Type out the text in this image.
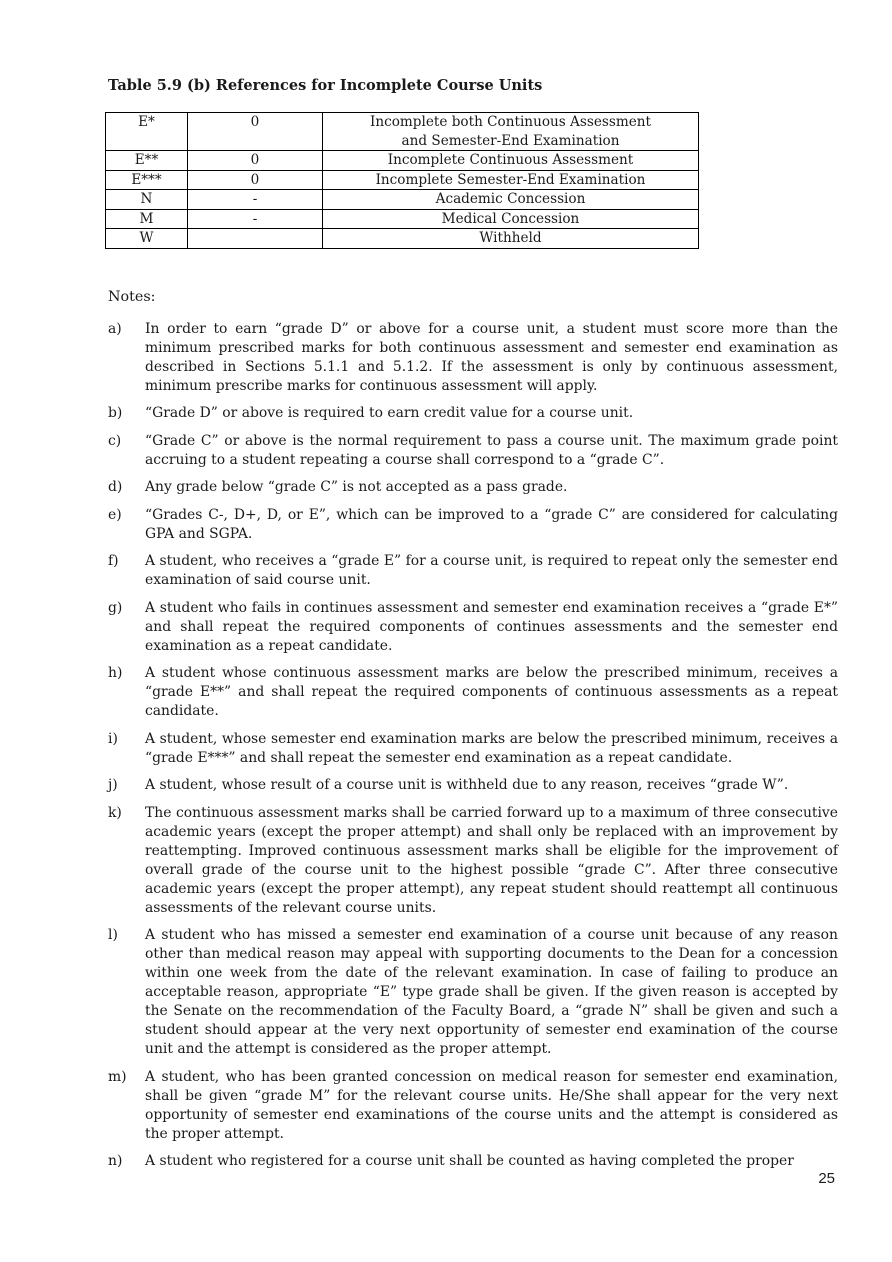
Table 5.9 (b) References for Incomplete Course Units
E*	0	Incomplete both Continuous Assessment and Semester-End Examination
E**	0	Incomplete Continuous Assessment
E***	0	Incomplete Semester-End Examination
N	-	Academic Concession
M	-	Medical Concession
W		Withheld
Notes:
a) In order to earn “grade D” or above for a course unit, a student must score more than the minimum prescribed marks for both continuous assessment and semester end examination as described in Sections 5.1.1 and 5.1.2. If the assessment is only by continuous assessment, minimum prescribe marks for continuous assessment will apply.
b) “Grade D” or above is required to earn credit value for a course unit.
c) “Grade C” or above is the normal requirement to pass a course unit. The maximum grade point accruing to a student repeating a course shall correspond to a “grade C”.
d) Any grade below “grade C” is not accepted as a pass grade.
e) “Grades C-, D+, D, or E”, which can be improved to a “grade C” are considered for calculating GPA and SGPA.
f) A student, who receives a “grade E” for a course unit, is required to repeat only the semester end examination of said course unit.
g) A student who fails in continues assessment and semester end examination receives a “grade E*” and shall repeat the required components of continues assessments and the semester end examination as a repeat candidate.
h) A student whose continuous assessment marks are below the prescribed minimum, receives a “grade E**” and shall repeat the required components of continuous assessments as a repeat candidate.
i) A student, whose semester end examination marks are below the prescribed minimum, receives a “grade E***” and shall repeat the semester end examination as a repeat candidate.
j) A student, whose result of a course unit is withheld due to any reason, receives “grade W”.
k) The continuous assessment marks shall be carried forward up to a maximum of three consecutive academic years (except the proper attempt) and shall only be replaced with an improvement by reattempting. Improved continuous assessment marks shall be eligible for the improvement of overall grade of the course unit to the highest possible “grade C”. After three consecutive academic years (except the proper attempt), any repeat student should reattempt all continuous assessments of the relevant course units.
l) A student who has missed a semester end examination of a course unit because of any reason other than medical reason may appeal with supporting documents to the Dean for a concession within one week from the date of the relevant examination. In case of failing to produce an acceptable reason, appropriate “E” type grade shall be given. If the given reason is accepted by the Senate on the recommendation of the Faculty Board, a “grade N” shall be given and such a student should appear at the very next opportunity of semester end examination of the course unit and the attempt is considered as the proper attempt.
m) A student, who has been granted concession on medical reason for semester end examination, shall be given “grade M” for the relevant course units. He/She shall appear for the very next opportunity of semester end examinations of the course units and the attempt is considered as the proper attempt.
n) A student who registered for a course unit shall be counted as having completed the proper
25
